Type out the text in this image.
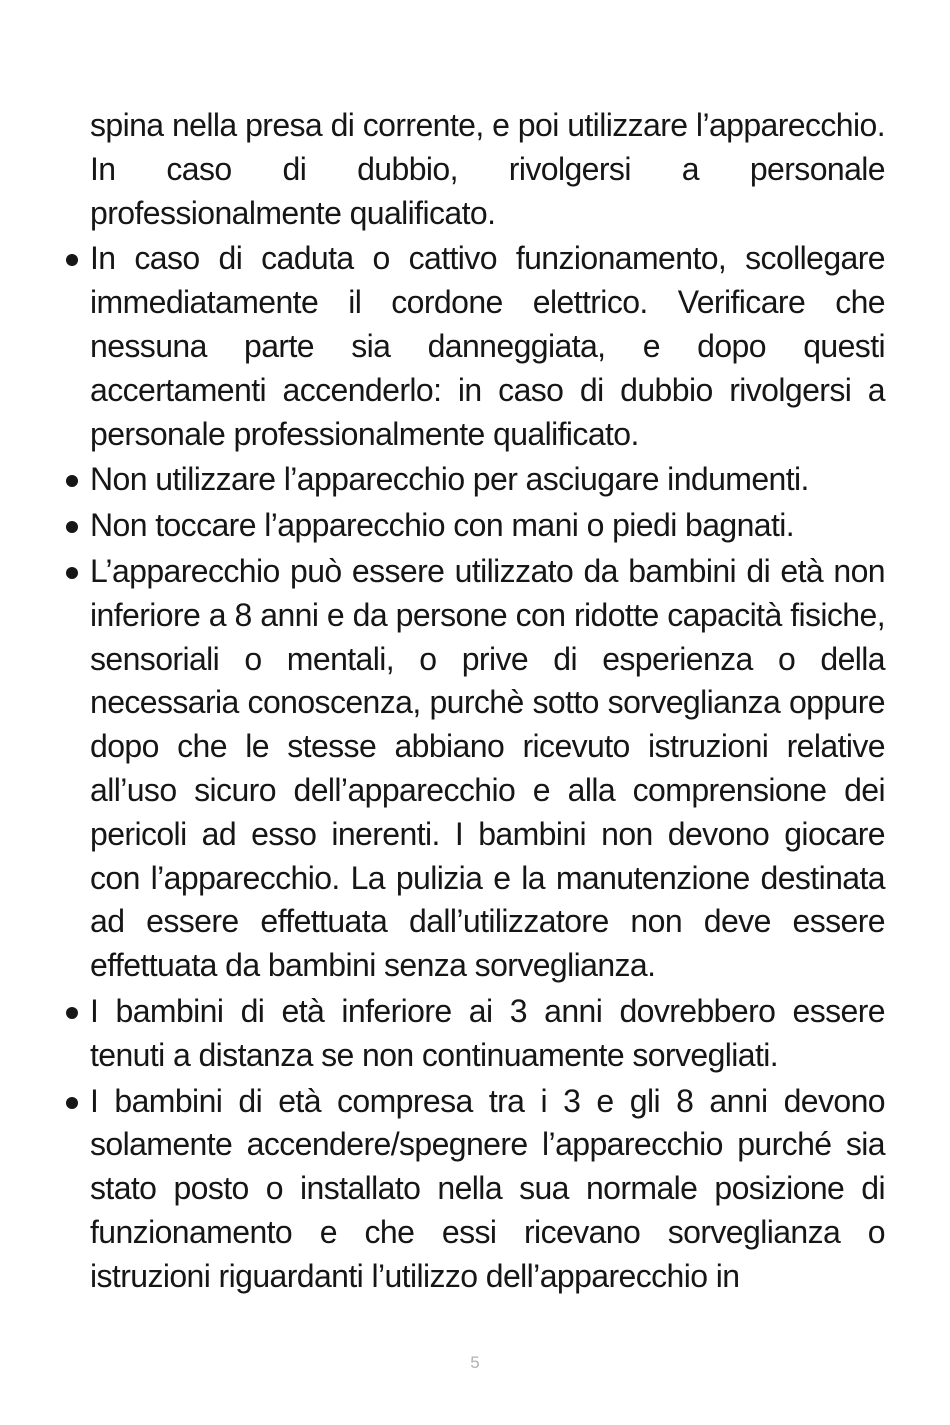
spina nella presa di corrente, e poi utilizzare l’apparecchio. In caso di dubbio, rivolgersi a personale professionalmente qualificato.

In caso di caduta o cattivo funzionamento, scollegare immediatamente il cordone elettrico. Verificare che nessuna parte sia danneggiata, e dopo questi accertamenti accenderlo: in caso di dubbio rivolgersi a personale professionalmente qualificato.

Non utilizzare l’apparecchio per asciugare indumenti.

Non toccare l’apparecchio con mani o piedi bagnati.

L’apparecchio può essere utilizzato da bambini di età non inferiore a 8 anni e da persone con ridotte capacità fisiche, sensoriali o mentali, o prive di esperienza o della necessaria conoscenza, purchè sotto sorveglianza oppure dopo che le stesse abbiano ricevuto istruzioni relative all’uso sicuro dell’apparecchio e alla comprensione dei pericoli ad esso inerenti. I bambini non devono giocare con l’apparecchio. La pulizia e la manutenzione destinata ad essere effettuata dall’utilizzatore non deve essere effettuata da bambini senza sorveglianza.

I bambini di età inferiore ai 3 anni dovrebbero essere tenuti a distanza se non continuamente sorvegliati.

I bambini di età compresa tra i 3 e gli 8 anni devono solamente accendere/spegnere l’apparecchio purché sia stato posto o installato nella sua normale posizione di funzionamento e che essi ricevano sorveglianza o istruzioni riguardanti l’utilizzo dell’apparecchio in

5
